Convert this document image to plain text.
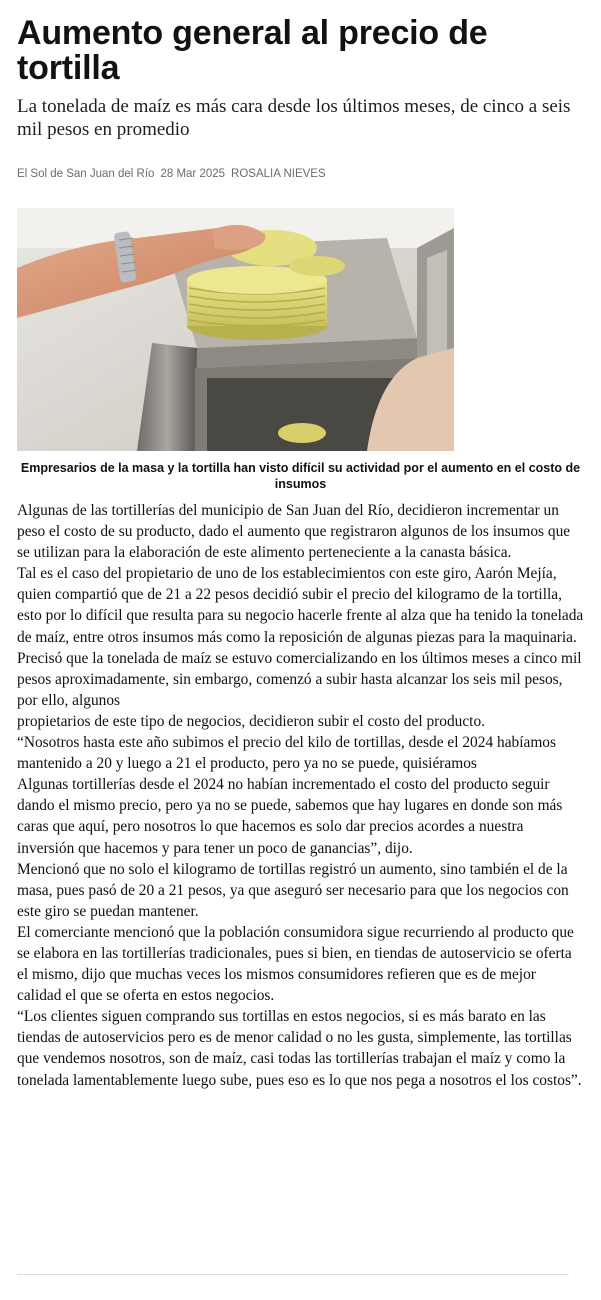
Aumento general al precio de tortilla

La tonelada de maíz es más cara desde los últimos meses, de cinco a seis mil pesos en promedio

El Sol de San Juan del Río 28 Mar 2025 ROSALIA NIEVES

Empresarios de la masa y la tortilla han visto difícil su actividad por el aumento en el costo de insumos

Algunas de las tortillerías del municipio de San Juan del Río, decidieron incrementar un peso el costo de su producto, dado el aumento que registraron algunos de los insumos que se utilizan para la elaboración de este alimento perteneciente a la canasta básica.

Tal es el caso del propietario de uno de los establecimientos con este giro, Aarón Mejía, quien compartió que de 21 a 22 pesos decidió subir el precio del kilogramo de la tortilla, esto por lo difícil que resulta para su negocio hacerle frente al alza que ha tenido la tonelada de maíz, entre otros insumos más como la reposición de algunas piezas para la maquinaria.

Precisó que la tonelada de maíz se estuvo comercializando en los últimos meses a cinco mil pesos aproximadamente, sin embargo, comenzó a subir hasta alcanzar los seis mil pesos, por ello, algunos

propietarios de este tipo de negocios, decidieron subir el costo del producto.

“Nosotros hasta este año subimos el precio del kilo de tortillas, desde el 2024 habíamos mantenido a 20 y luego a 21 el producto, pero ya no se puede, quisiéramos

Algunas tortillerías desde el 2024 no habían incrementado el costo del producto seguir dando el mismo precio, pero ya no se puede, sabemos que hay lugares en donde son más caras que aquí, pero nosotros lo que hacemos es solo dar precios acordes a nuestra inversión que hacemos y para tener un poco de ganancias”, dijo.

Mencionó que no solo el kilogramo de tortillas registró un aumento, sino también el de la masa, pues pasó de 20 a 21 pesos, ya que aseguró ser necesario para que los negocios con este giro se puedan mantener.

El comerciante mencionó que la población consumidora sigue recurriendo al producto que se elabora en las tortillerías tradicionales, pues si bien, en tiendas de autoservicio se oferta el mismo, dijo que muchas veces los mismos consumidores refieren que es de mejor calidad el que se oferta en estos negocios.

“Los clientes siguen comprando sus tortillas en estos negocios, si es más barato en las tiendas de autoservicios pero es de menor calidad o no les gusta, simplemente, las tortillas que vendemos nosotros, son de maíz, casi todas las tortillerías trabajan el maíz y como la tonelada lamentablemente luego sube, pues eso es lo que nos pega a nosotros el los costos”.
